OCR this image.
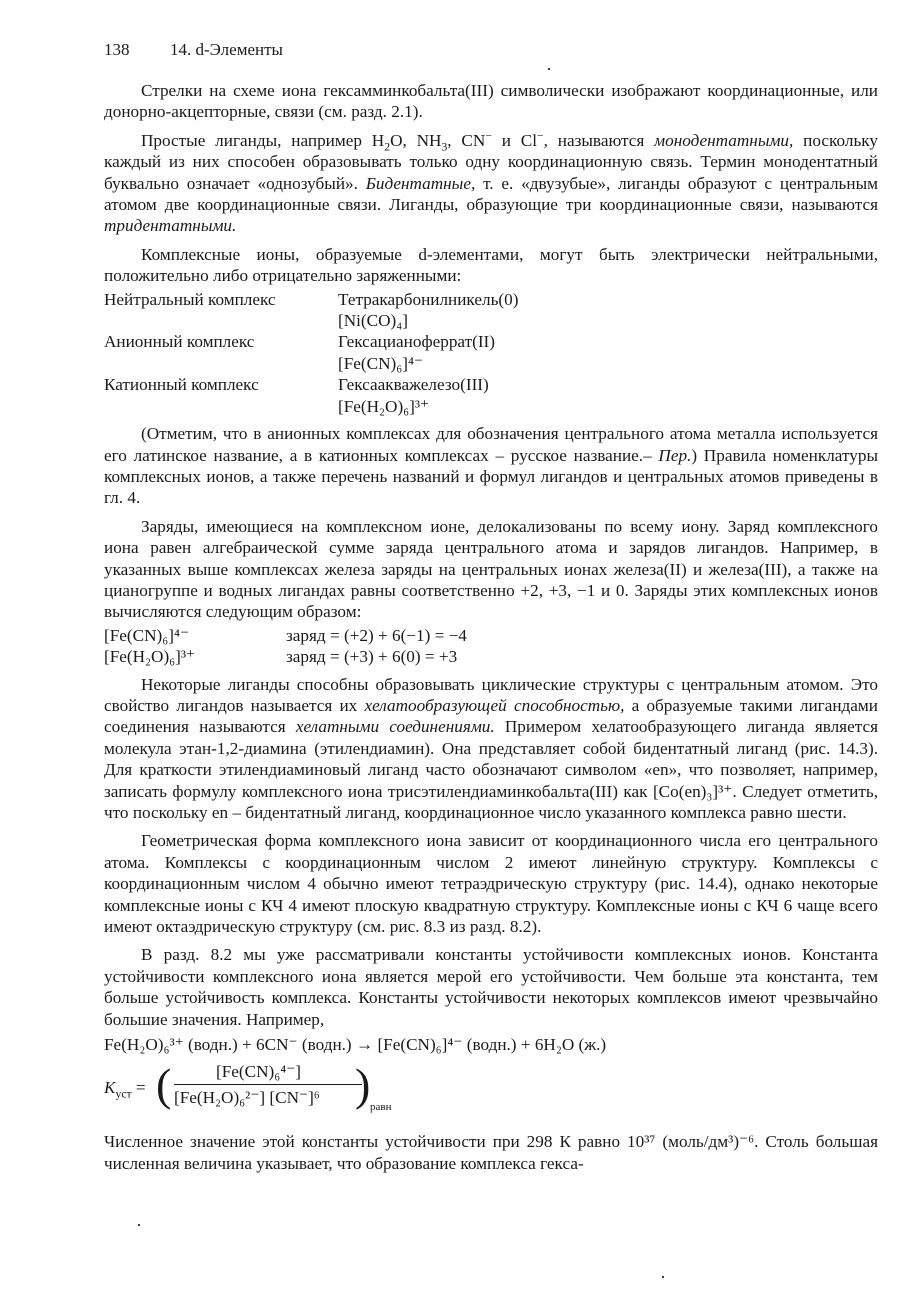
138 14. d-Элементы
·
·
·

Стрелки на схеме иона гексамминкобальта(III) символически изображают координационные, или донорно-акцепторные, связи (см. разд. 2.1).

Простые лиганды, например $H_2O$, $NH_3$, CN− и Cl−, называются монодентатными, поскольку каждый из них способен образовывать только одну координационную связь. Термин монодентатный буквально означает «однозубый». Бидентатные, т. е. «двузубые», лиганды образуют с центральным атомом две координационные связи. Лиганды, образующие три координационные связи, называются тридентатными.

Комплексные ионы, образуемые d-элементами, могут быть электрически нейтральными, положительно либо отрицательно заряженными:

Нейтральный комплекс	Тетракарбонилникель(0)
[Ni(CO)₄]
Анионный комплекс	Гексацианоферрат(II)
[Fe(CN)₆]⁴⁻
Катионный комплекс	Гексаакважелезо(III)
[Fe(H₂O)₆]³⁺

(Отметим, что в анионных комплексах для обозначения центрального атома металла используется его латинское название, а в катионных комплексах – русское название.– Пер.) Правила номенклатуры комплексных ионов, а также перечень названий и формул лигандов и центральных атомов приведены в гл. 4.

Заряды, имеющиеся на комплексном ионе, делокализованы по всему иону. Заряд комплексного иона равен алгебраической сумме заряда центрального атома и зарядов лигандов. Например, в указанных выше комплексах железа заряды на центральных ионах железа(II) и железа(III), а также на цианогруппе и водных лигандах равны соответственно +2, +3, −1 и 0. Заряды этих комплексных ионов вычисляются следующим образом:

[Fe(CN)₆]⁴⁻	заряд = (+2) + 6(−1) = −4
[Fe(H₂O)₆]³⁺	заряд = (+3) + 6(0) = +3

Некоторые лиганды способны образовывать циклические структуры с центральным атомом. Это свойство лигандов называется их хелатообразующей способностью, а образуемые такими лигандами соединения называются хелатными соединениями. Примером хелатообразующего лиганда является молекула этан-1,2-диамина (этилендиамин). Она представляет собой бидентатный лиганд (рис. 14.3). Для краткости этилендиаминовый лиганд часто обозначают символом «en», что позволяет, например, записать формулу комплексного иона трисэтилендиаминкобальта(III) как [Co(en)₃]³⁺. Следует отметить, что поскольку en – бидентатный лиганд, координационное число указанного комплекса равно шести.

Геометрическая форма комплексного иона зависит от координационного числа его центрального атома. Комплексы с координационным числом 2 имеют линейную структуру. Комплексы с координационным числом 4 обычно имеют тетраэдрическую структуру (рис. 14.4), однако некоторые комплексные ионы с КЧ 4 имеют плоскую квадратную структуру. Комплексные ионы с КЧ 6 чаще всего имеют октаэдрическую структуру (см. рис. 8.3 из разд. 8.2).

В разд. 8.2 мы уже рассматривали константы устойчивости комплексных ионов. Константа устойчивости комплексного иона является мерой его устойчивости. Чем больше эта константа, тем больше устойчивость комплекса. Константы устойчивости некоторых комплексов имеют чрезвычайно большие значения. Например,

Fe(H₂O)₆³⁺ (водн.) + 6CN⁻ (водн.) → [Fe(CN)₆]⁴⁻ (водн.) + 6H₂O (ж.)
$K_{уст}$ = (	[Fe(CN)₆⁴⁻]
[Fe(H₂O)₆²⁻] [CN⁻]⁶ ) равн

Численное значение этой константы устойчивости при 298 К равно 10³⁷ (моль/дм³)⁻⁶. Столь большая численная величина указывает, что образование комплекса гекса-
